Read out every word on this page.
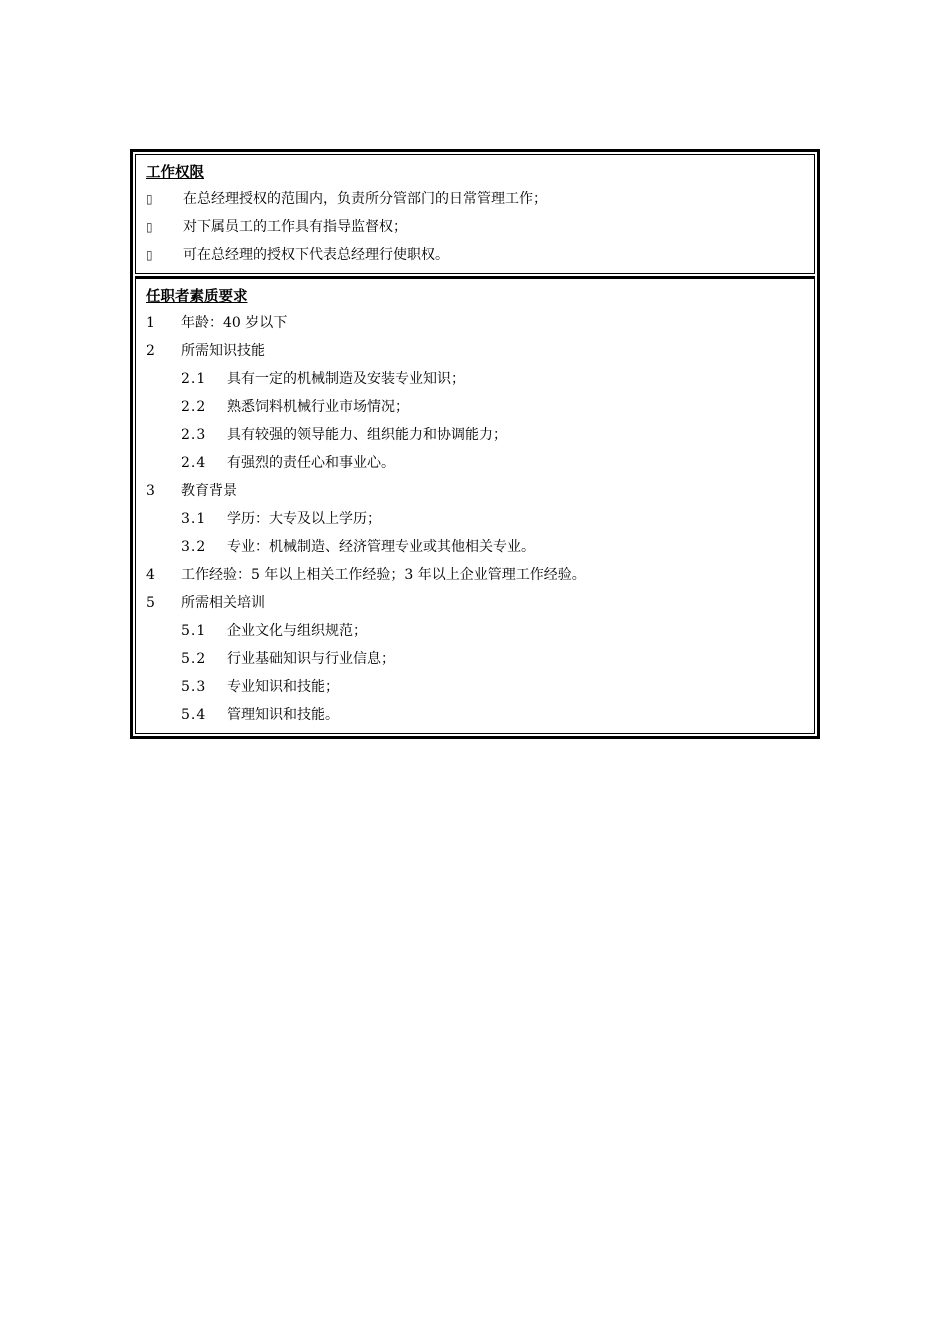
工作权限
▯	在总经理授权的范围内，负责所分管部门的日常管理工作；
▯	对下属员工的工作具有指导监督权；
▯	可在总经理的授权下代表总经理行使职权。
任职者素质要求
1	年龄：40 岁以下
2	所需知识技能
2.1	具有一定的机械制造及安装专业知识；
2.2	熟悉饲料机械行业市场情况；
2.3	具有较强的领导能力、组织能力和协调能力；
2.4	有强烈的责任心和事业心。
3	教育背景
3.1	学历：大专及以上学历；
3.2	专业：机械制造、经济管理专业或其他相关专业。
4	工作经验：5 年以上相关工作经验；3 年以上企业管理工作经验。
5	所需相关培训
5.1	企业文化与组织规范；
5.2	行业基础知识与行业信息；
5.3	专业知识和技能；
5.4	管理知识和技能。
